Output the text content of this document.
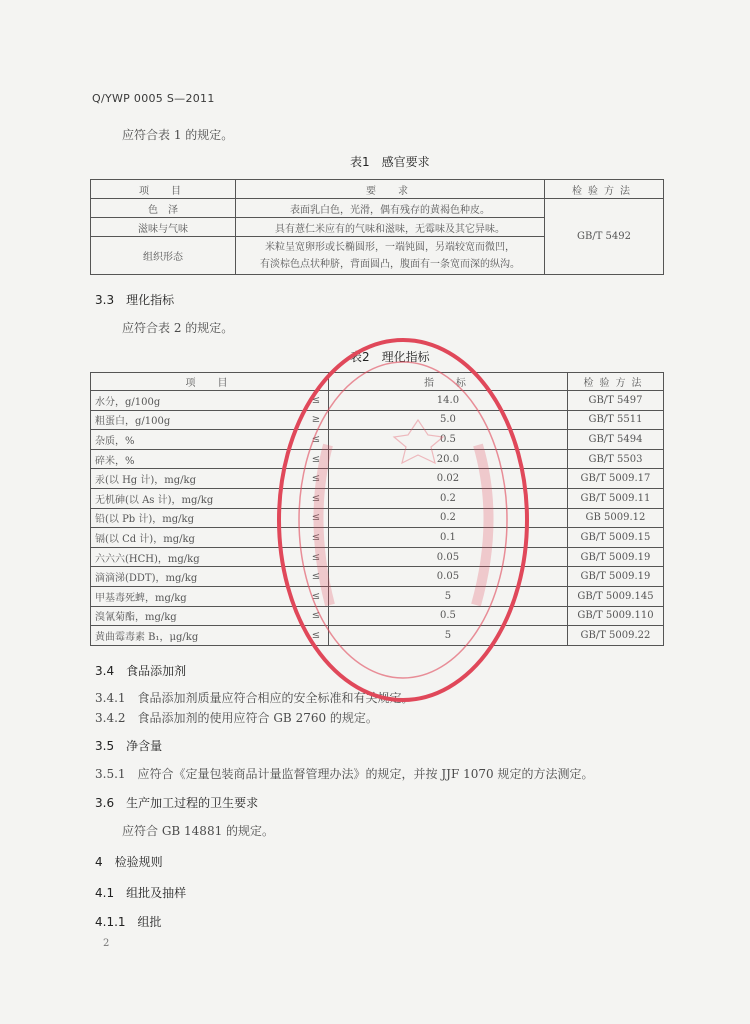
Q/YWP 0005 S—2011
应符合表 1 的规定。
表1　感官要求
项　目	要　求	检验方法
色　泽	表面乳白色，光滑，偶有残存的黄褐色种皮。	GB/T 5492
滋味与气味	具有薏仁米应有的气味和滋味，无霉味及其它异味。	
组织形态	米粒呈宽卵形或长椭圆形，一端钝圆，另端较宽而微凹，
有淡棕色点状种脐，背面圆凸，腹面有一条宽而深的纵沟。	
3.3　理化指标
应符合表 2 的规定。
表2　理化指标
项　目		指　标	检验方法
水分，g/100g	≤	14.0	GB/T 5497
粗蛋白，g/100g	≥	5.0	GB/T 5511
杂质，%	≤	0.5	GB/T 5494
碎米，%	≤	20.0	GB/T 5503
汞(以 Hg 计)，mg/kg	≤	0.02	GB/T 5009.17
无机砷(以 As 计)，mg/kg	≤	0.2	GB/T 5009.11
铅(以 Pb 计)，mg/kg	≤	0.2	GB 5009.12
镉(以 Cd 计)，mg/kg	≤	0.1	GB/T 5009.15
六六六(HCH)，mg/kg	≤	0.05	GB/T 5009.19
滴滴涕(DDT)，mg/kg	≤	0.05	GB/T 5009.19
甲基毒死蜱，mg/kg	≤	5	GB/T 5009.145
溴氰菊酯，mg/kg	≤	0.5	GB/T 5009.110
黄曲霉毒素 B₁，μg/kg	≤	5	GB/T 5009.22
3.4　食品添加剂
3.4.1　食品添加剂质量应符合相应的安全标准和有关规定。
3.4.2　食品添加剂的使用应符合 GB 2760 的规定。
3.5　净含量
3.5.1　应符合《定量包装商品计量监督管理办法》的规定，并按 JJF 1070 规定的方法测定。
3.6　生产加工过程的卫生要求
应符合 GB 14881 的规定。
4　检验规则
4.1　组批及抽样
4.1.1　组批
2
